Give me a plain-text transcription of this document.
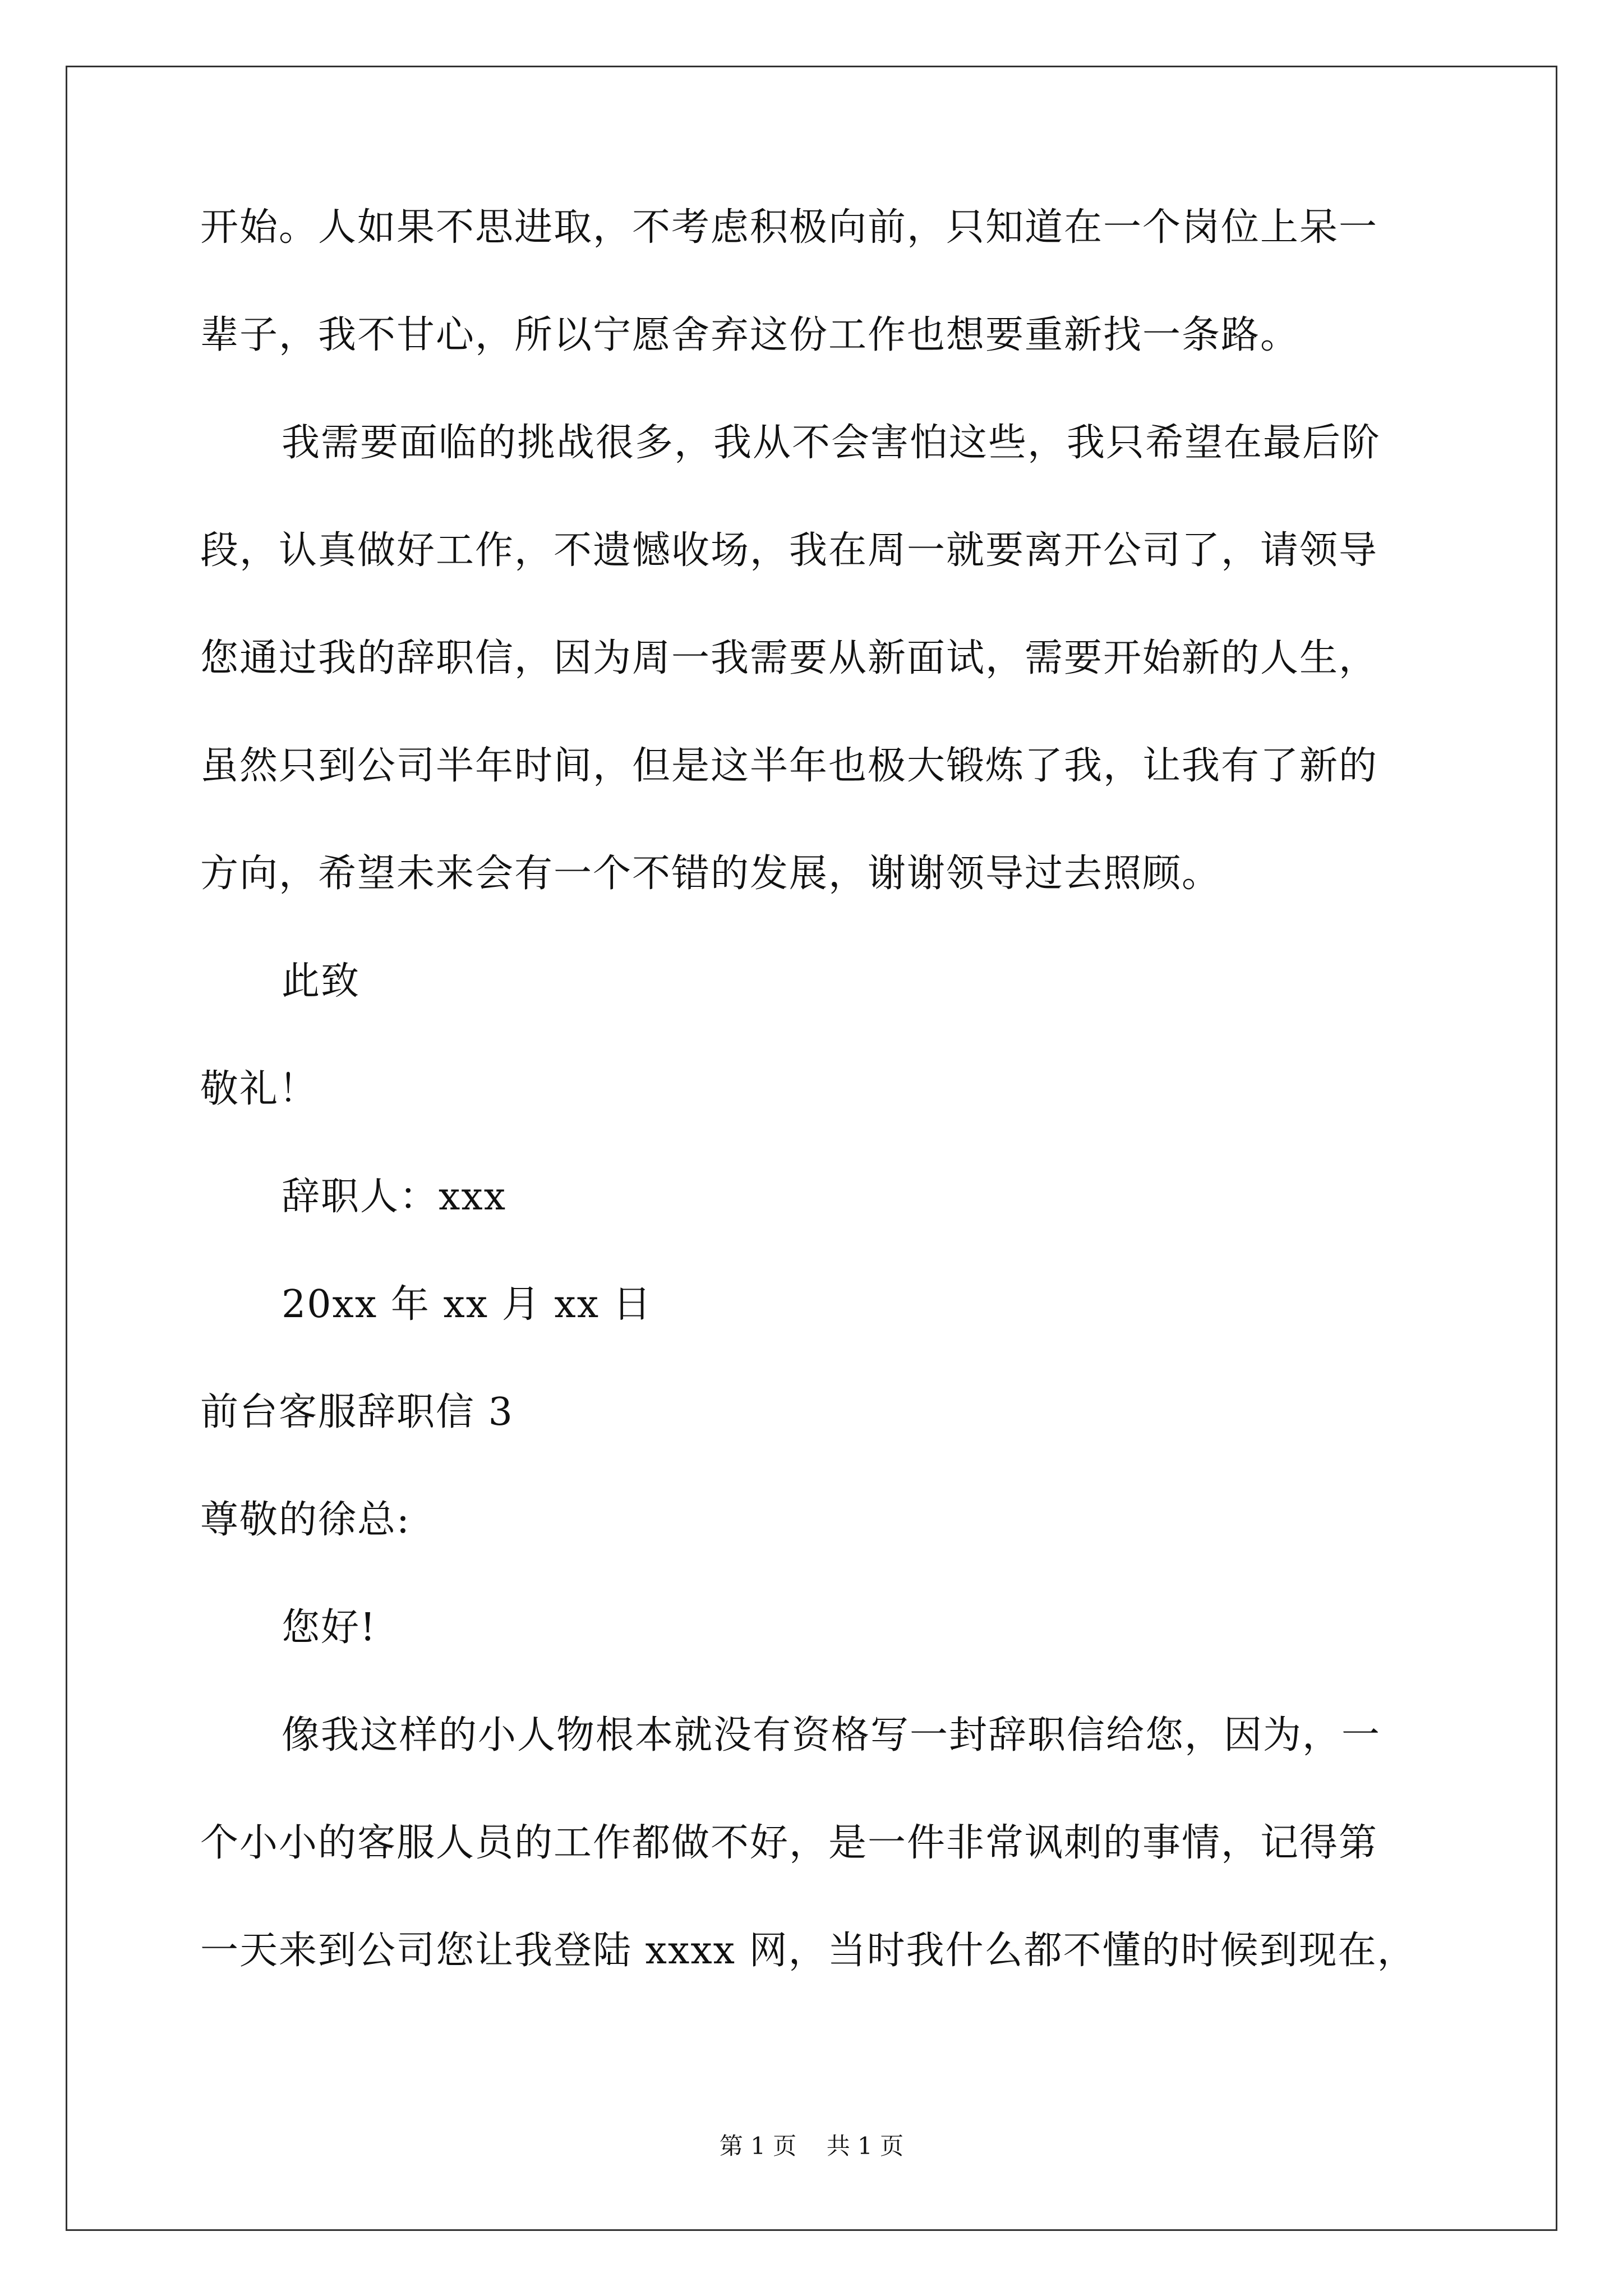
开始。人如果不思进取，不考虑积极向前，只知道在一个岗位上呆一
辈子，我不甘心，所以宁愿舍弃这份工作也想要重新找一条路。
我需要面临的挑战很多，我从不会害怕这些，我只希望在最后阶
段，认真做好工作，不遗憾收场，我在周一就要离开公司了，请领导
您通过我的辞职信，因为周一我需要从新面试，需要开始新的人生，
虽然只到公司半年时间，但是这半年也极大锻炼了我，让我有了新的
方向，希望未来会有一个不错的发展，谢谢领导过去照顾。
此致
敬礼！
辞职人：xxx
20xx 年 xx 月 xx 日
前台客服辞职信 3
尊敬的徐总:
您好!
像我这样的小人物根本就没有资格写一封辞职信给您，因为，一
个小小的客服人员的工作都做不好，是一件非常讽刺的事情，记得第
一天来到公司您让我登陆 xxxx 网，当时我什么都不懂的时候到现在，
第 1 页    共 1 页
